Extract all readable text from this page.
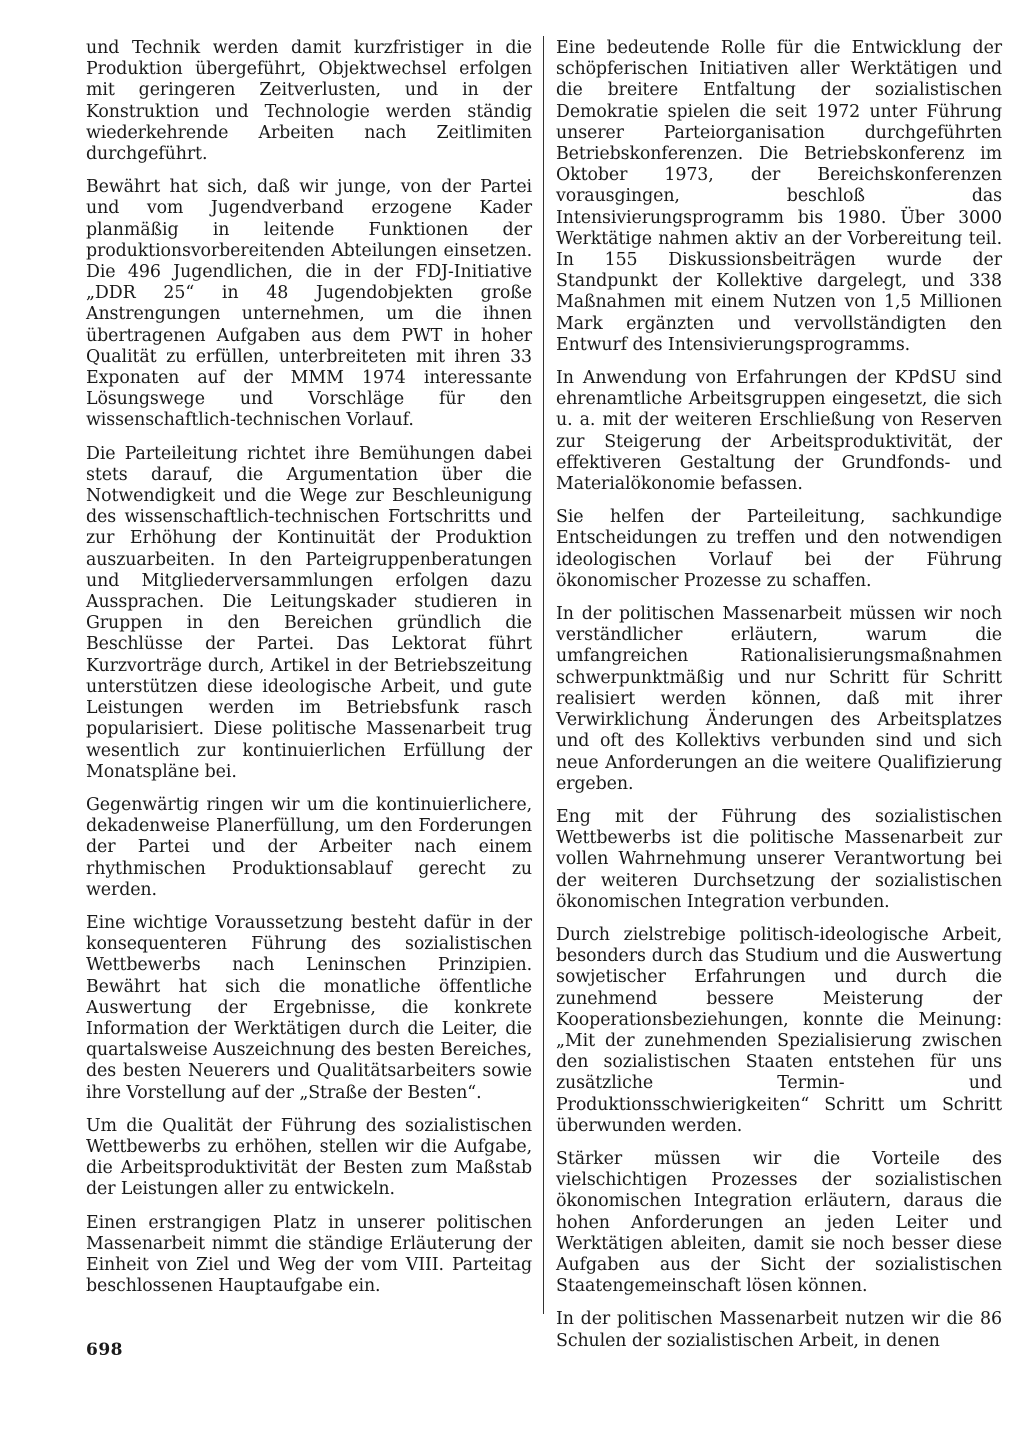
und Technik werden damit kurzfristiger in die Produktion übergeführt, Objektwechsel erfolgen mit geringeren Zeitverlusten, und in der Konstruktion und Technologie werden ständig wiederkehrende Arbeiten nach Zeitlimiten durchgeführt.

Bewährt hat sich, daß wir junge, von der Partei und vom Jugendverband erzogene Kader planmäßig in leitende Funktionen der produktionsvorbereitenden Abteilungen einsetzen. Die 496 Jugendlichen, die in der FDJ-Initiative „DDR 25“ in 48 Jugendobjekten große Anstrengungen unternehmen, um die ihnen übertragenen Aufgaben aus dem PWT in hoher Qualität zu erfüllen, unterbreiteten mit ihren 33 Exponaten auf der MMM 1974 interessante Lösungswege und Vorschläge für den wissenschaftlich-technischen Vorlauf.

Die Parteileitung richtet ihre Bemühungen dabei stets darauf, die Argumentation über die Notwendigkeit und die Wege zur Beschleunigung des wissenschaftlich-technischen Fortschritts und zur Erhöhung der Kontinuität der Produktion auszuarbeiten. In den Parteigruppenberatungen und Mitgliederversammlungen erfolgen dazu Aussprachen. Die Leitungskader studieren in Gruppen in den Bereichen gründlich die Beschlüsse der Partei. Das Lektorat führt Kurzvorträge durch, Artikel in der Betriebszeitung unterstützen diese ideologische Arbeit, und gute Leistungen werden im Betriebsfunk rasch popularisiert. Diese politische Massenarbeit trug wesentlich zur kontinuierlichen Erfüllung der Monatspläne bei.

Gegenwärtig ringen wir um die kontinuierlichere, dekadenweise Planerfüllung, um den Forderungen der Partei und der Arbeiter nach einem rhythmischen Produktionsablauf gerecht zu werden.

Eine wichtige Voraussetzung besteht dafür in der konsequenteren Führung des sozialistischen Wettbewerbs nach Leninschen Prinzipien. Bewährt hat sich die monatliche öffentliche Auswertung der Ergebnisse, die konkrete Information der Werktätigen durch die Leiter, die quartalsweise Auszeichnung des besten Bereiches, des besten Neuerers und Qualitätsarbeiters sowie ihre Vorstellung auf der „Straße der Besten“.

Um die Qualität der Führung des sozialistischen Wettbewerbs zu erhöhen, stellen wir die Aufgabe, die Arbeitsproduktivität der Besten zum Maßstab der Leistungen aller zu entwickeln.

Einen erstrangigen Platz in unserer politischen Massenarbeit nimmt die ständige Erläuterung der Einheit von Ziel und Weg der vom VIII. Parteitag beschlossenen Hauptaufgabe ein.

Eine bedeutende Rolle für die Entwicklung der schöpferischen Initiativen aller Werktätigen und die breitere Entfaltung der sozialistischen Demokratie spielen die seit 1972 unter Führung unserer Parteiorganisation durchgeführten Betriebskonferenzen. Die Betriebskonferenz im Oktober 1973, der Bereichskonferenzen vorausgingen, beschloß das Intensivierungsprogramm bis 1980. Über 3000 Werktätige nahmen aktiv an der Vorbereitung teil. In 155 Diskussionsbeiträgen wurde der Standpunkt der Kollektive dargelegt, und 338 Maßnahmen mit einem Nutzen von 1,5 Millionen Mark ergänzten und vervollständigten den Entwurf des Intensivierungsprogramms.

In Anwendung von Erfahrungen der KPdSU sind ehrenamtliche Arbeitsgruppen eingesetzt, die sich u. a. mit der weiteren Erschließung von Reserven zur Steigerung der Arbeitsproduktivität, der effektiveren Gestaltung der Grundfonds- und Materialökonomie befassen.

Sie helfen der Parteileitung, sachkundige Entscheidungen zu treffen und den notwendigen ideologischen Vorlauf bei der Führung ökonomischer Prozesse zu schaffen.

In der politischen Massenarbeit müssen wir noch verständlicher erläutern, warum die umfangreichen Rationalisierungsmaßnahmen schwerpunktmäßig und nur Schritt für Schritt realisiert werden können, daß mit ihrer Verwirklichung Änderungen des Arbeitsplatzes und oft des Kollektivs verbunden sind und sich neue Anforderungen an die weitere Qualifizierung ergeben.

Eng mit der Führung des sozialistischen Wettbewerbs ist die politische Massenarbeit zur vollen Wahrnehmung unserer Verantwortung bei der weiteren Durchsetzung der sozialistischen ökonomischen Integration verbunden.

Durch zielstrebige politisch-ideologische Arbeit, besonders durch das Studium und die Auswertung sowjetischer Erfahrungen und durch die zunehmend bessere Meisterung der Kooperationsbeziehungen, konnte die Meinung: „Mit der zunehmenden Spezialisierung zwischen den sozialistischen Staaten entstehen für uns zusätzliche Termin- und Produktionsschwierigkeiten“ Schritt um Schritt überwunden werden.

Stärker müssen wir die Vorteile des vielschichtigen Prozesses der sozialistischen ökonomischen Integration erläutern, daraus die hohen Anforderungen an jeden Leiter und Werktätigen ableiten, damit sie noch besser diese Aufgaben aus der Sicht der sozialistischen Staatengemeinschaft lösen können.

In der politischen Massenarbeit nutzen wir die 86 Schulen der sozialistischen Arbeit, in denen

698
